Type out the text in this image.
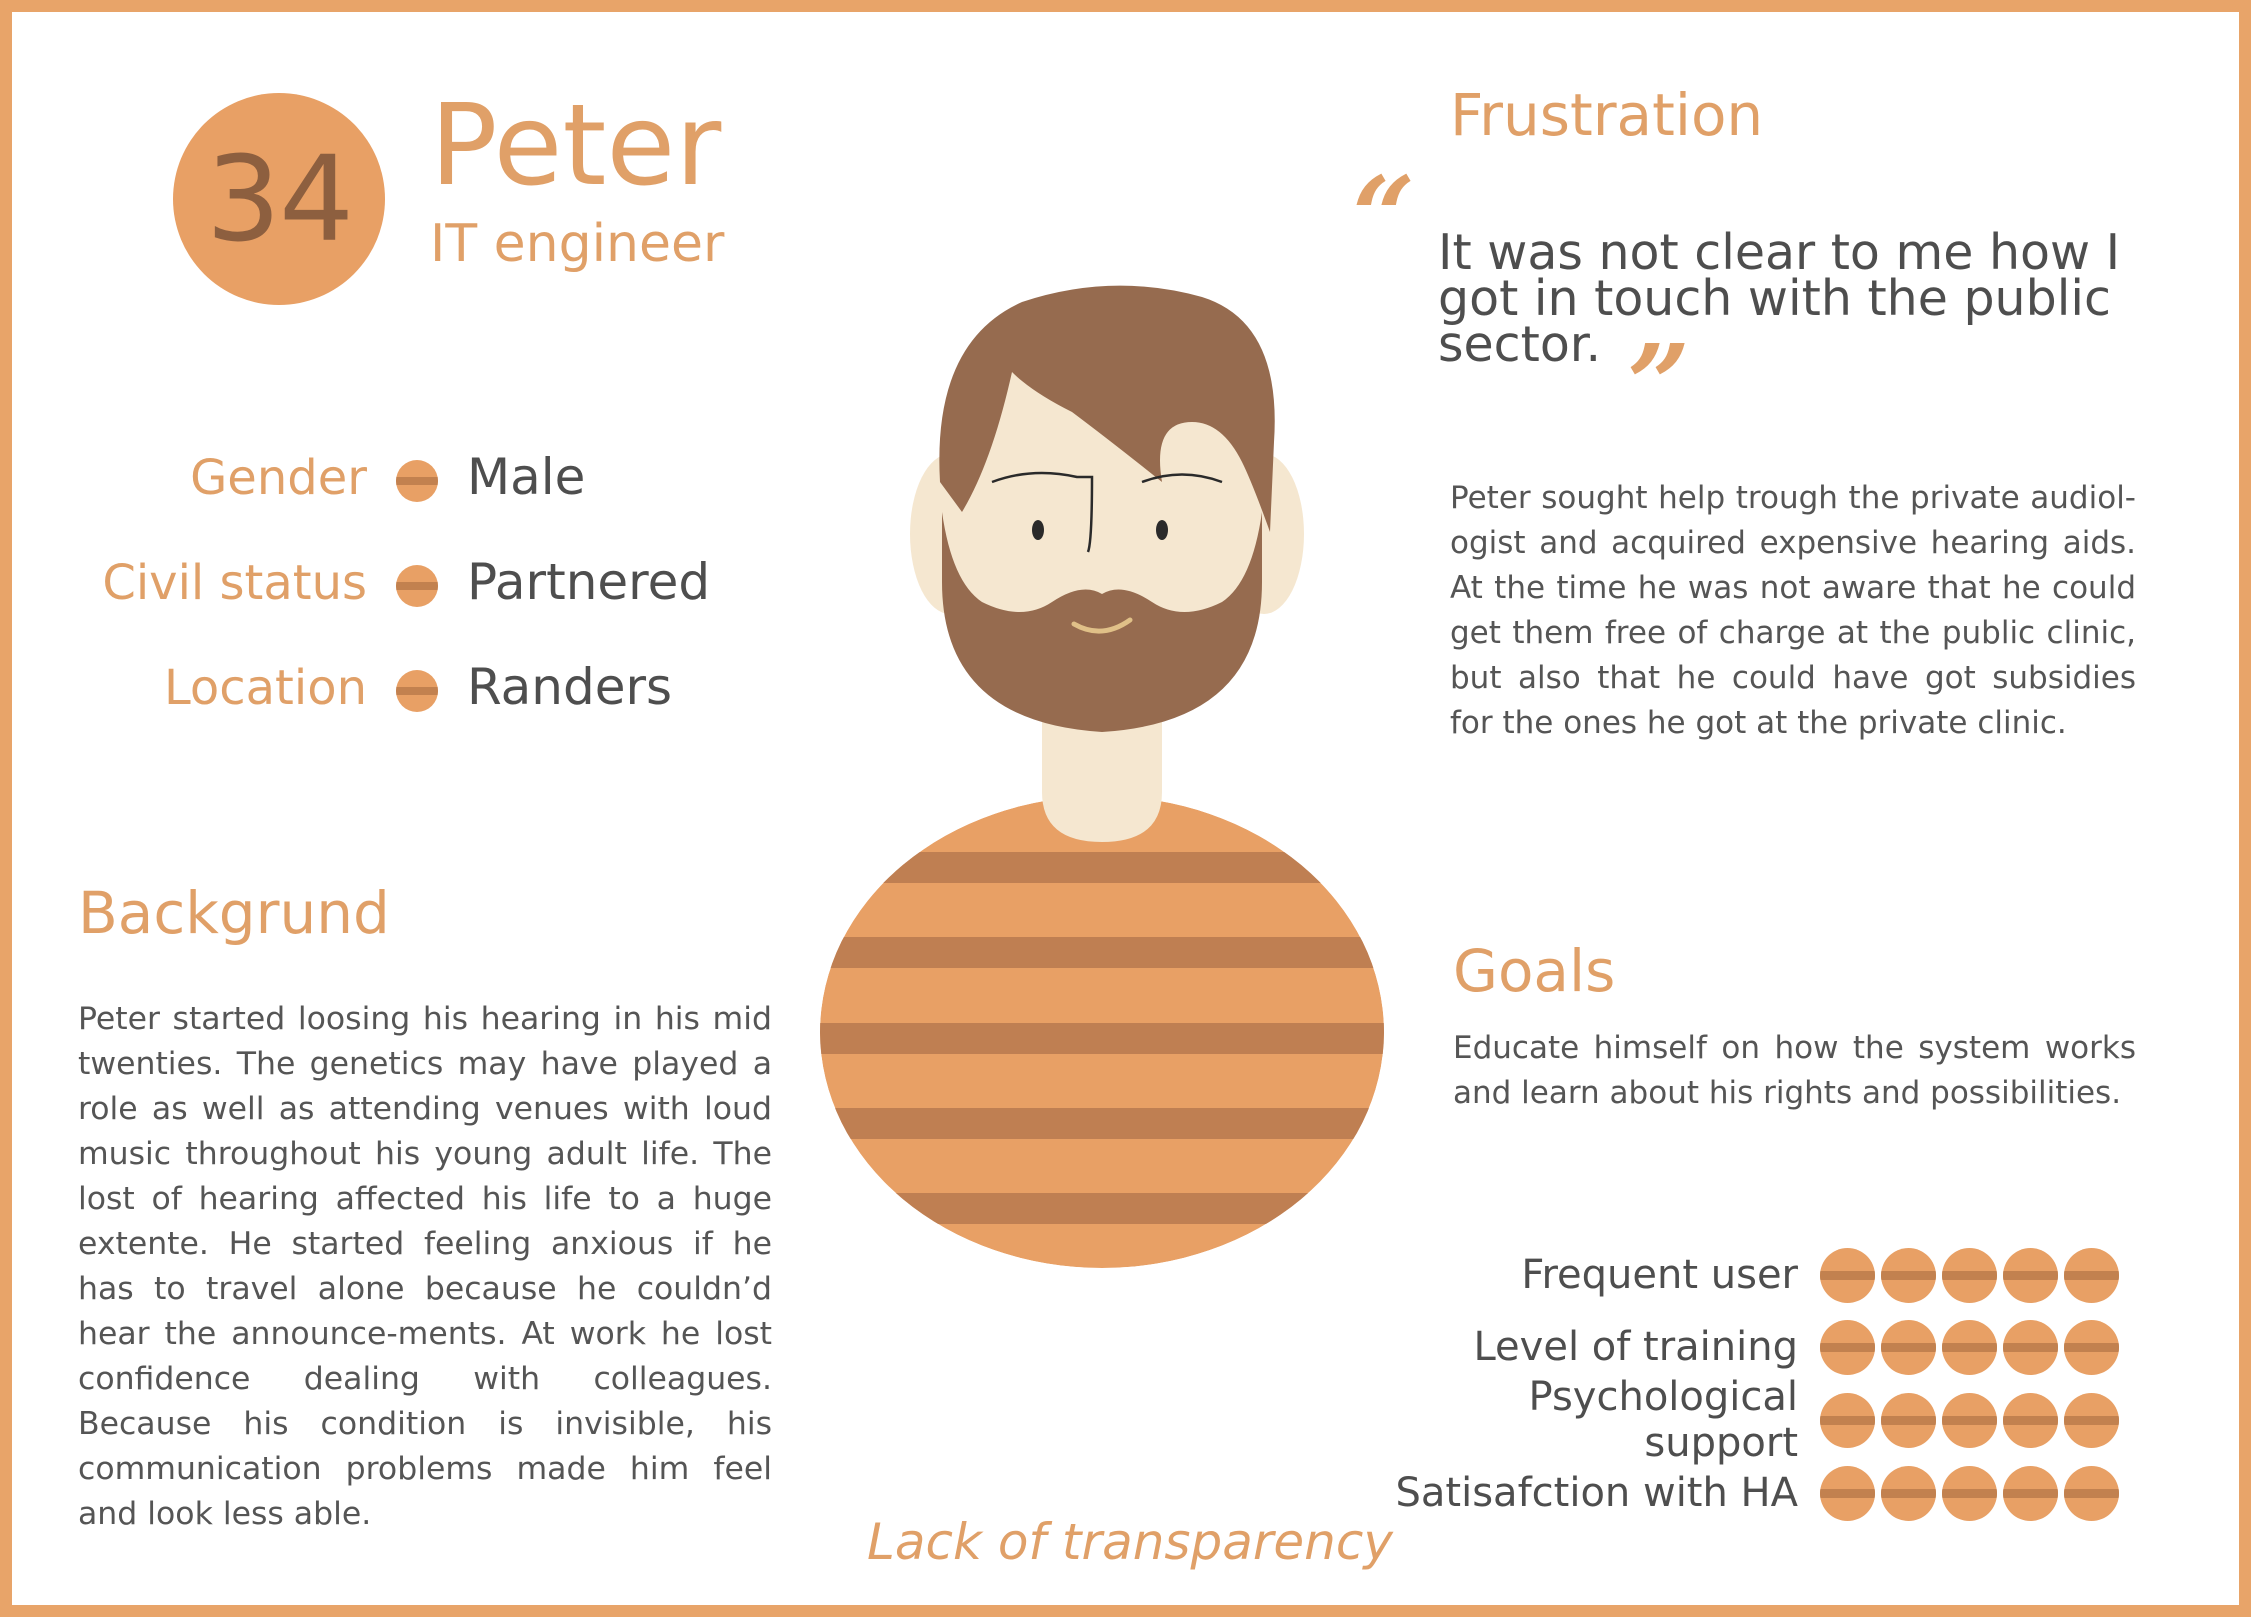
34 Peter
IT engineer
Gender Male
Civil status Partnered
Location Randers
Backgrund
Peter started loosing his hearing in his mid twenties. The genetics may have played a role as well as attending venues with loud music throughout his young adult life. The lost of hearing affected his life to a huge extente. He started feeling anxious if he has to travel alone because he couldn’d hear the announce-ments. At work he lost confidence dealing with colleagues. Because his condition is invisible, his communication problems made him feel and look less able.
Frustration
“ It was not clear to me how I got in touch with the public sector. ”
Peter sought help trough the private audiol-ogist and acquired expensive hearing aids. At the time he was not aware that he could get them free of charge at the public clinic, but also that he could have got subsidies for the ones he got at the private clinic.
Goals
Educate himself on how the system works and learn about his rights and possibilities.
Frequent user
Level of training
Psychological support
Satisafction with HA
Lack of transparency
